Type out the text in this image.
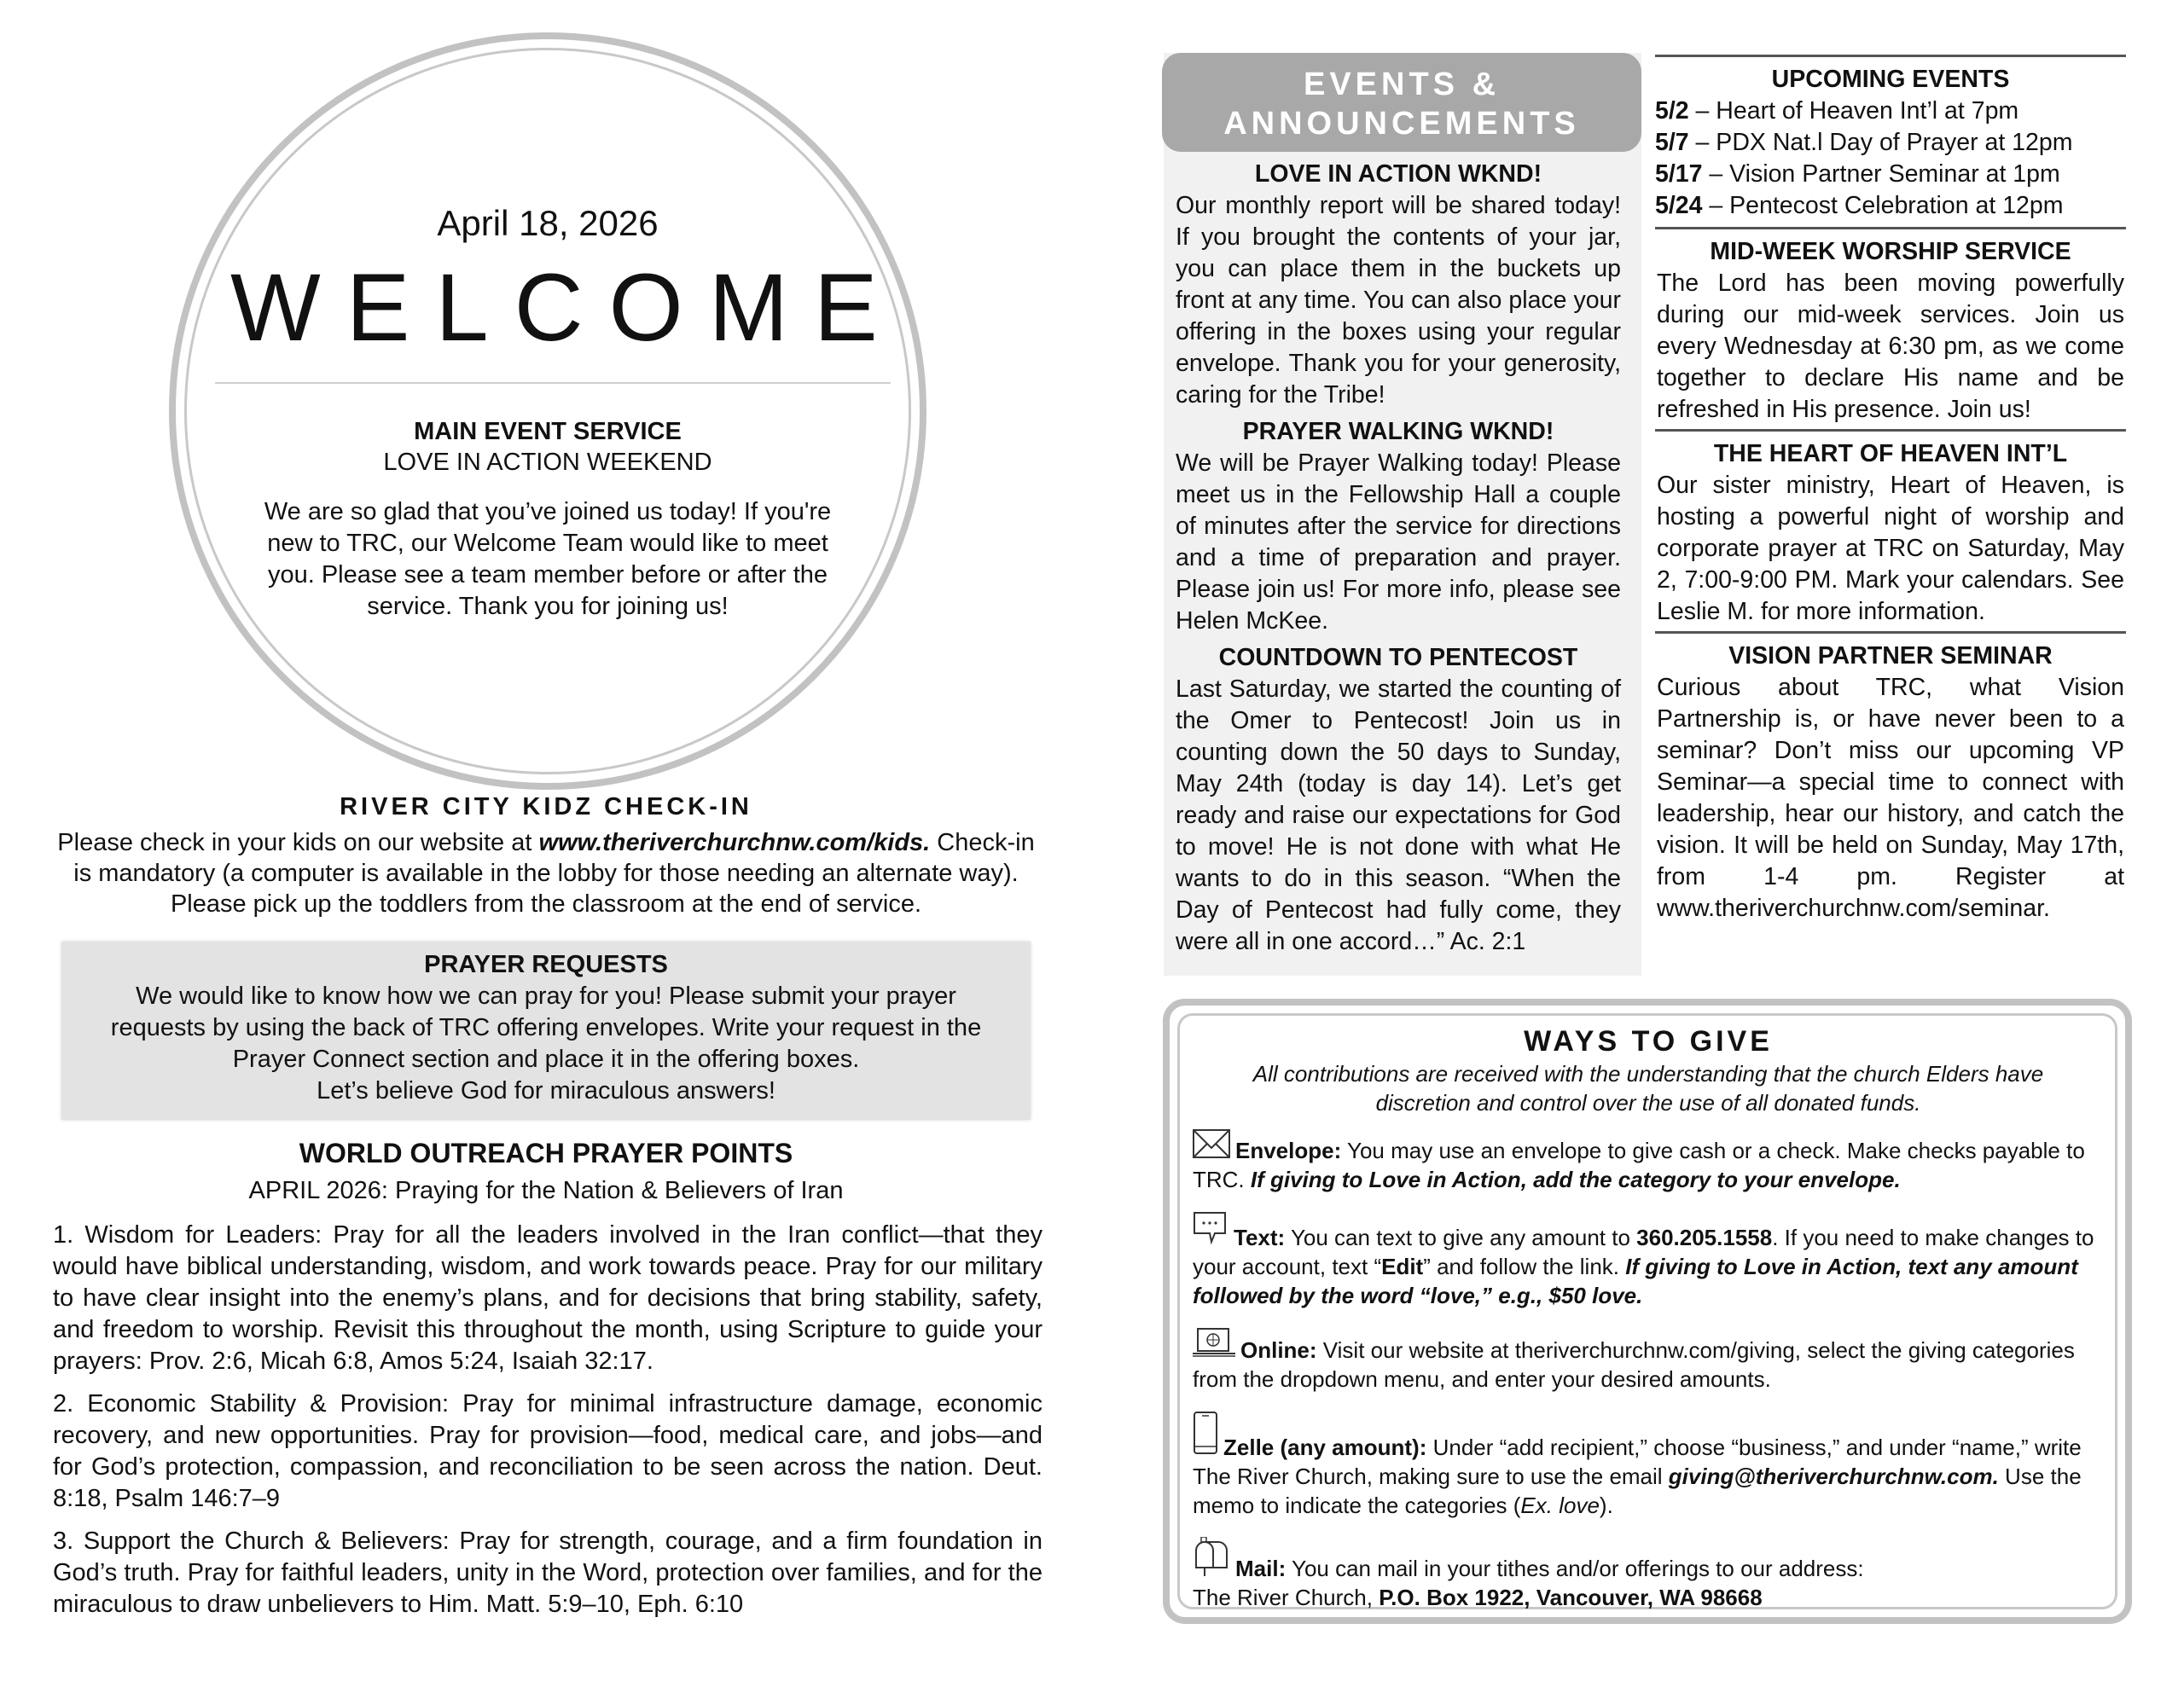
April 18, 2026
WELCOME
MAIN EVENT SERVICE
LOVE IN ACTION WEEKEND
We are so glad that you’ve joined us today! If you're new to TRC, our Welcome Team would like to meet you. Please see a team member before or after the service. Thank you for joining us!
RIVER CITY KIDZ CHECK-IN
Please check in your kids on our website at www.theriverchurchnw.com/kids. Check-in is mandatory (a computer is available in the lobby for those needing an alternate way). Please pick up the toddlers from the classroom at the end of service.
PRAYER REQUESTS
We would like to know how we can pray for you! Please submit your prayer requests by using the back of TRC offering envelopes. Write your request in the Prayer Connect section and place it in the offering boxes.
Let’s believe God for miraculous answers!
WORLD OUTREACH PRAYER POINTS
APRIL 2026: Praying for the Nation & Believers of Iran

1. Wisdom for Leaders: Pray for all the leaders involved in the Iran conflict—that they would have biblical understanding, wisdom, and work towards peace. Pray for our military to have clear insight into the enemy’s plans, and for decisions that bring stability, safety, and freedom to worship. Revisit this throughout the month, using Scripture to guide your prayers: Prov. 2:6, Micah 6:8, Amos 5:24, Isaiah 32:17.

2. Economic Stability & Provision: Pray for minimal infrastructure damage, economic recovery, and new opportunities. Pray for provision—food, medical care, and jobs—and for God’s protection, compassion, and reconciliation to be seen across the nation. Deut. 8:18, Psalm 146:7–9

3. Support the Church & Believers: Pray for strength, courage, and a firm foundation in God’s truth. Pray for faithful leaders, unity in the Word, protection over families, and for the miraculous to draw unbelievers to Him. Matt. 5:9–10, Eph. 6:10

EVENTS &
ANNOUNCEMENTS
LOVE IN ACTION WKND!
Our monthly report will be shared today! If you brought the contents of your jar, you can place them in the buckets up front at any time. You can also place your offering in the boxes using your regular envelope. Thank you for your generosity, caring for the Tribe!
PRAYER WALKING WKND!
We will be Prayer Walking today! Please meet us in the Fellowship Hall a couple of minutes after the service for directions and a time of preparation and prayer. Please join us! For more info, please see Helen McKee.
COUNTDOWN TO PENTECOST
Last Saturday, we started the counting of the Omer to Pentecost! Join us in counting down the 50 days to Sunday, May 24th (today is day 14). Let’s get ready and raise our expectations for God to move! He is not done with what He wants to do in this season. “When the Day of Pentecost had fully come, they were all in one accord…” Ac. 2:1
UPCOMING EVENTS
5/2 – Heart of Heaven Int’l at 7pm
5/7 – PDX Nat.l Day of Prayer at 12pm
5/17 – Vision Partner Seminar at 1pm
5/24 – Pentecost Celebration at 12pm
MID-WEEK WORSHIP SERVICE
The Lord has been moving powerfully during our mid-week services. Join us every Wednesday at 6:30 pm, as we come together to declare His name and be refreshed in His presence. Join us!
THE HEART OF HEAVEN INT’L
Our sister ministry, Heart of Heaven, is hosting a powerful night of worship and corporate prayer at TRC on Saturday, May 2, 7:00-9:00 PM. Mark your calendars. See Leslie M. for more information.
VISION PARTNER SEMINAR
Curious about TRC, what Vision Partnership is, or have never been to a seminar? Don’t miss our upcoming VP Seminar—a special time to connect with leadership, hear our history, and catch the vision. It will be held on Sunday, May 17th, from 1-4 pm. Register at www.theriverchurchnw.com/seminar.
WAYS TO GIVE
All contributions are received with the understanding that the church Elders have discretion and control over the use of all donated funds.
Envelope: You may use an envelope to give cash or a check. Make checks payable to TRC. If giving to Love in Action, add the category to your envelope.
Text: You can text to give any amount to 360.205.1558. If you need to make changes to your account, text “Edit” and follow the link. If giving to Love in Action, text any amount followed by the word “love,” e.g., $50 love.
Online: Visit our website at theriverchurchnw.com/giving, select the giving categories from the dropdown menu, and enter your desired amounts.
Zelle (any amount): Under “add recipient,” choose “business,” and under “name,” write The River Church, making sure to use the email giving@theriverchurchnw.com. Use the memo to indicate the categories (Ex. love).
Mail: You can mail in your tithes and/or offerings to our address:
The River Church, P.O. Box 1922, Vancouver, WA 98668
